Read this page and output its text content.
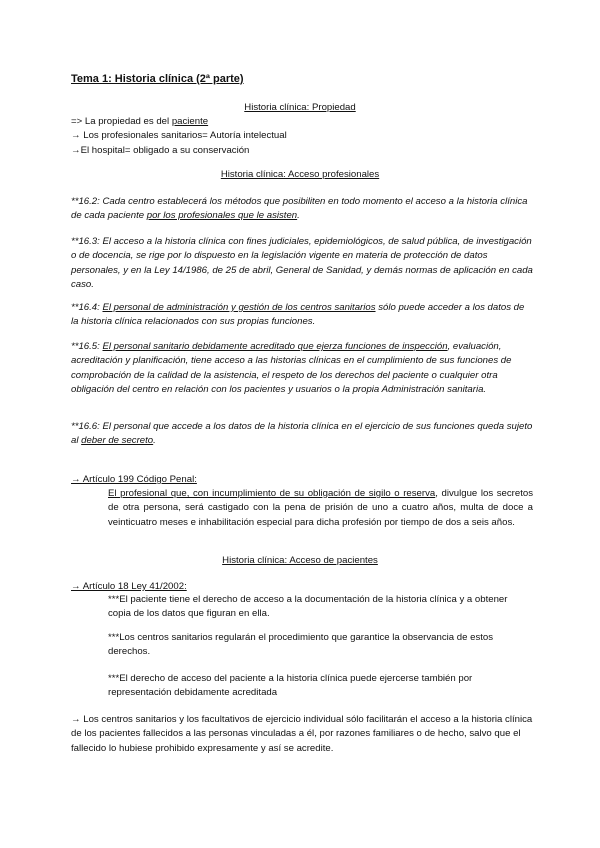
Tema 1: Historia clínica (2ª parte)
Historia clínica: Propiedad
=> La propiedad es del paciente
→ Los profesionales sanitarios= Autoría intelectual
→El hospital= obligado a su conservación
Historia clínica: Acceso profesionales
**16.2: Cada centro establecerá los métodos que posibiliten en todo momento el acceso a la historia clínica de cada paciente por los profesionales que le asisten.
**16.3: El acceso a la historia clínica con fines judiciales, epidemiológicos, de salud pública, de investigación o de docencia, se rige por lo dispuesto en la legislación vigente en materia de protección de datos personales, y en la Ley 14/1986, de 25 de abril, General de Sanidad, y demás normas de aplicación en cada caso.
**16.4: El personal de administración y gestión de los centros sanitarios sólo puede acceder a los datos de la historia clínica relacionados con sus propias funciones.
**16.5: El personal sanitario debidamente acreditado que ejerza funciones de inspección, evaluación, acreditación y planificación, tiene acceso a las historias clínicas en el cumplimiento de sus funciones de comprobación de la calidad de la asistencia, el respeto de los derechos del paciente o cualquier otra obligación del centro en relación con los pacientes y usuarios o la propia Administración sanitaria.
**16.6: El personal que accede a los datos de la historia clínica en el ejercicio de sus funciones queda sujeto al deber de secreto.
→ Artículo 199 Código Penal:
El profesional que, con incumplimiento de su obligación de sigilo o reserva, divulgue los secretos de otra persona, será castigado con la pena de prisión de uno a cuatro años, multa de doce a veinticuatro meses e inhabilitación especial para dicha profesión por tiempo de dos a seis años.
Historia clínica: Acceso de pacientes
→ Artículo 18 Ley 41/2002:
***El paciente tiene el derecho de acceso a la documentación de la historia clínica y a obtener copia de los datos que figuran en ella.
***Los centros sanitarios regularán el procedimiento que garantice la observancia de estos derechos.
***El derecho de acceso del paciente a la historia clínica puede ejercerse también por representación debidamente acreditada
→ Los centros sanitarios y los facultativos de ejercicio individual sólo facilitarán el acceso a la historia clínica de los pacientes fallecidos a las personas vinculadas a él, por razones familiares o de hecho, salvo que el fallecido lo hubiese prohibido expresamente y así se acredite.
